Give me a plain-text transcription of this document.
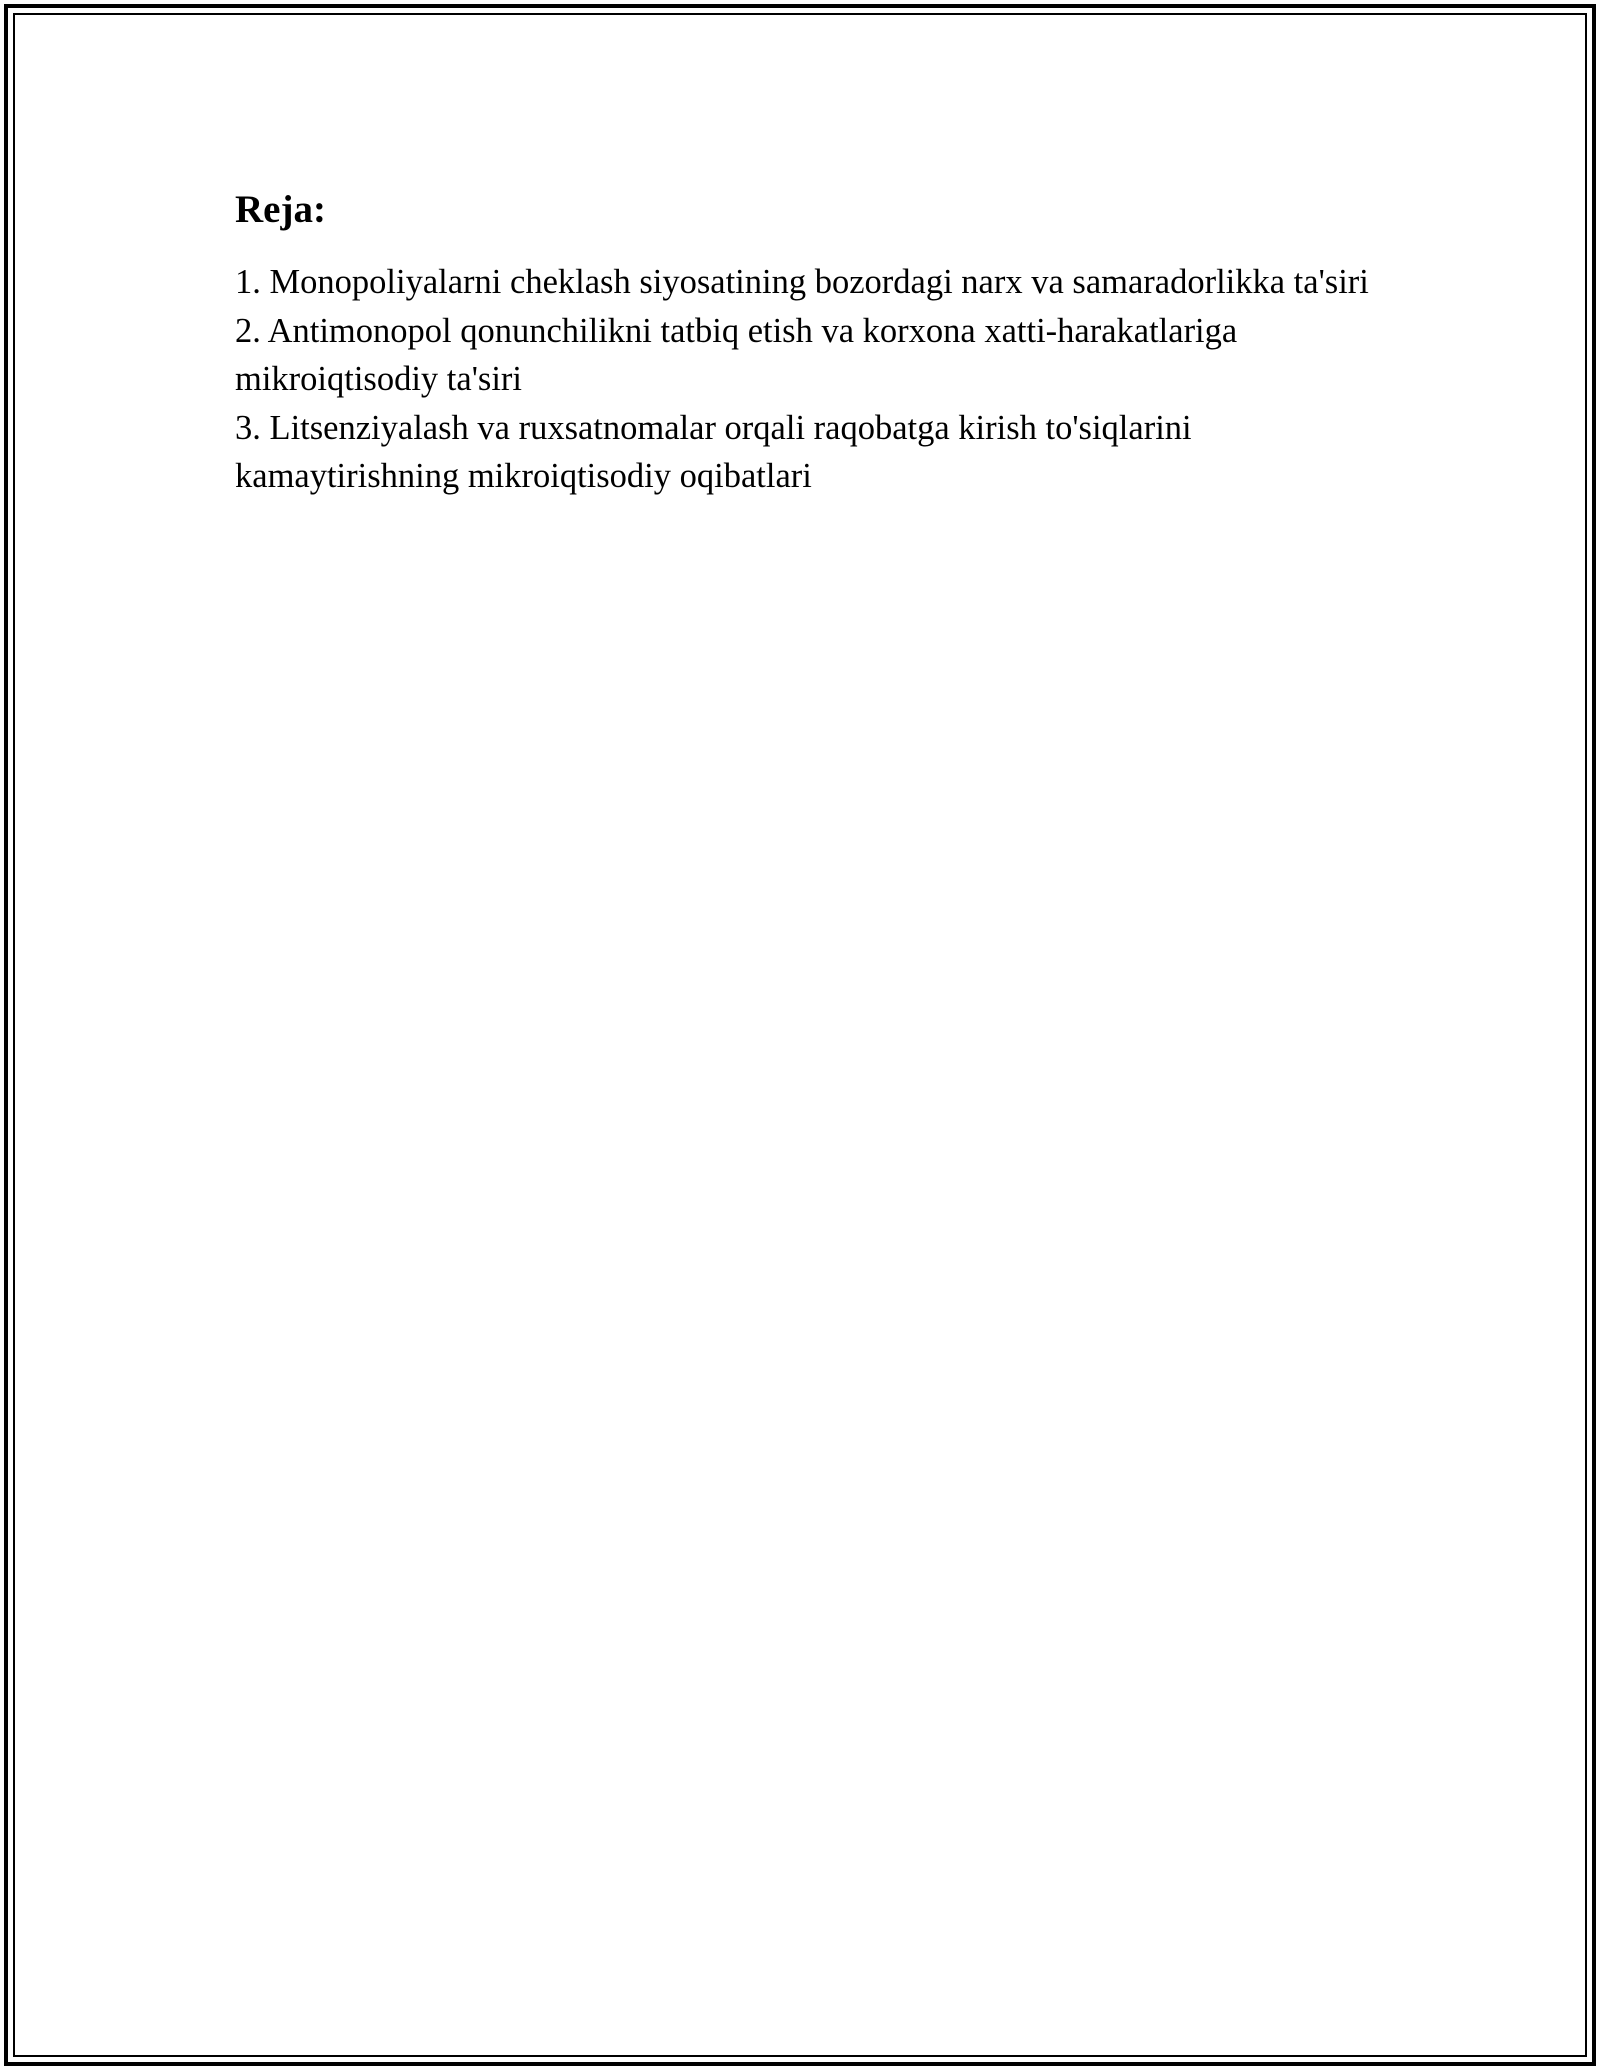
Reja:
1. Monopoliyalarni cheklash siyosatining bozordagi narx va samaradorlikka ta'siri
2. Antimonopol qonunchilikni tatbiq etish va korxona xatti-harakatlariga mikroiqtisodiy ta'siri
3. Litsenziyalash va ruxsatnomalar orqali raqobatga kirish to'siqlarini kamaytirishning mikroiqtisodiy oqibatlari
